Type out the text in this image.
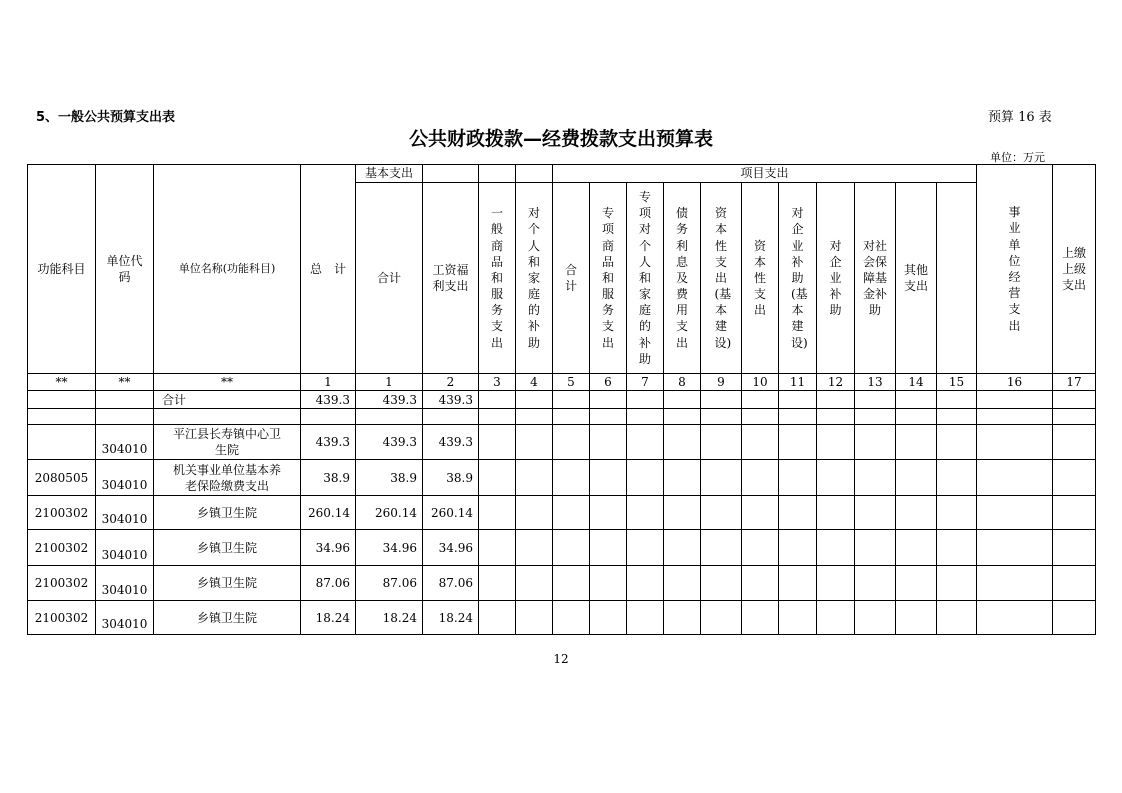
5、一般公共预算支出表	预算 16 表
公共财政拨款—经费拨款支出预算表
单位：万元
功能科目	单位代码	单位名称(功能科目)	总　计	基本支出				项目支出											事业单位经营支出	上缴上级支出	
				合计	工资福利支出	一般商品和服务支出	对个人和家庭的补助	合计	专项商品和服务支出	专项对个人和家庭的补助	债务利息及费用支出	资本性支出(基本建设)	资本性支出	对企业补助(基本建设)	对企业补助	对社会保障基金补助	其他支出				
**	**	**	1	1	2	3	4	5	6	7	8	9	10	11	12	13	14	15	16	17	
		合计	439.3	439.3	439.3																

	304010	平江县长寿镇中心卫生院	439.3	439.3	439.3																
2080505	304010	机关事业单位基本养老保险缴费支出	38.9	38.9	38.9																
2100302	304010	乡镇卫生院	260.14	260.14	260.14																
2100302	304010	乡镇卫生院	34.96	34.96	34.96																
2100302	304010	乡镇卫生院	87.06	87.06	87.06																
2100302	304010	乡镇卫生院	18.24	18.24	18.24																
12
